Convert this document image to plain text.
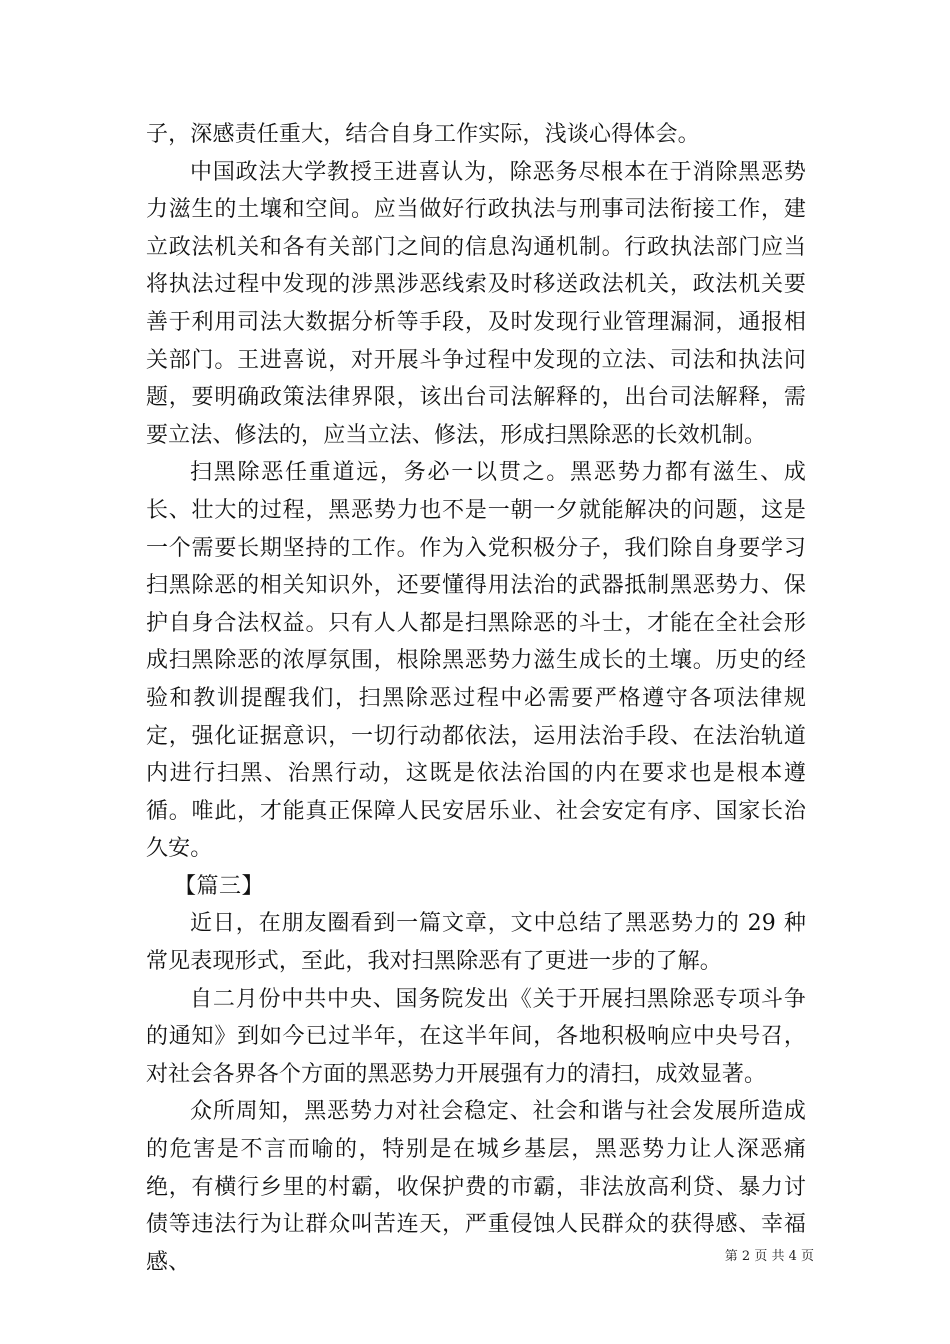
子，深感责任重大，结合自身工作实际，浅谈心得体会。

中国政法大学教授王进喜认为，除恶务尽根本在于消除黑恶势力滋生的土壤和空间。应当做好行政执法与刑事司法衔接工作，建立政法机关和各有关部门之间的信息沟通机制。行政执法部门应当将执法过程中发现的涉黑涉恶线索及时移送政法机关，政法机关要善于利用司法大数据分析等手段，及时发现行业管理漏洞，通报相关部门。王进喜说，对开展斗争过程中发现的立法、司法和执法问题，要明确政策法律界限，该出台司法解释的，出台司法解释，需要立法、修法的，应当立法、修法，形成扫黑除恶的长效机制。

扫黑除恶任重道远，务必一以贯之。黑恶势力都有滋生、成长、壮大的过程，黑恶势力也不是一朝一夕就能解决的问题，这是一个需要长期坚持的工作。作为入党积极分子，我们除自身要学习扫黑除恶的相关知识外，还要懂得用法治的武器抵制黑恶势力、保护自身合法权益。只有人人都是扫黑除恶的斗士，才能在全社会形成扫黑除恶的浓厚氛围，根除黑恶势力滋生成长的土壤。历史的经验和教训提醒我们，扫黑除恶过程中必需要严格遵守各项法律规定，强化证据意识，一切行动都依法，运用法治手段、在法治轨道内进行扫黑、治黑行动，这既是依法治国的内在要求也是根本遵循。唯此，才能真正保障人民安居乐业、社会安定有序、国家长治久安。

【篇三】

近日，在朋友圈看到一篇文章，文中总结了黑恶势力的 29 种常见表现形式，至此，我对扫黑除恶有了更进一步的了解。

自二月份中共中央、国务院发出《关于开展扫黑除恶专项斗争的通知》到如今已过半年，在这半年间，各地积极响应中央号召，对社会各界各个方面的黑恶势力开展强有力的清扫，成效显著。

众所周知，黑恶势力对社会稳定、社会和谐与社会发展所造成的危害是不言而喻的，特别是在城乡基层，黑恶势力让人深恶痛绝，有横行乡里的村霸，收保护费的市霸，非法放高利贷、暴力讨债等违法行为让群众叫苦连天，严重侵蚀人民群众的获得感、幸福感、	第 2 页 共 4 页
